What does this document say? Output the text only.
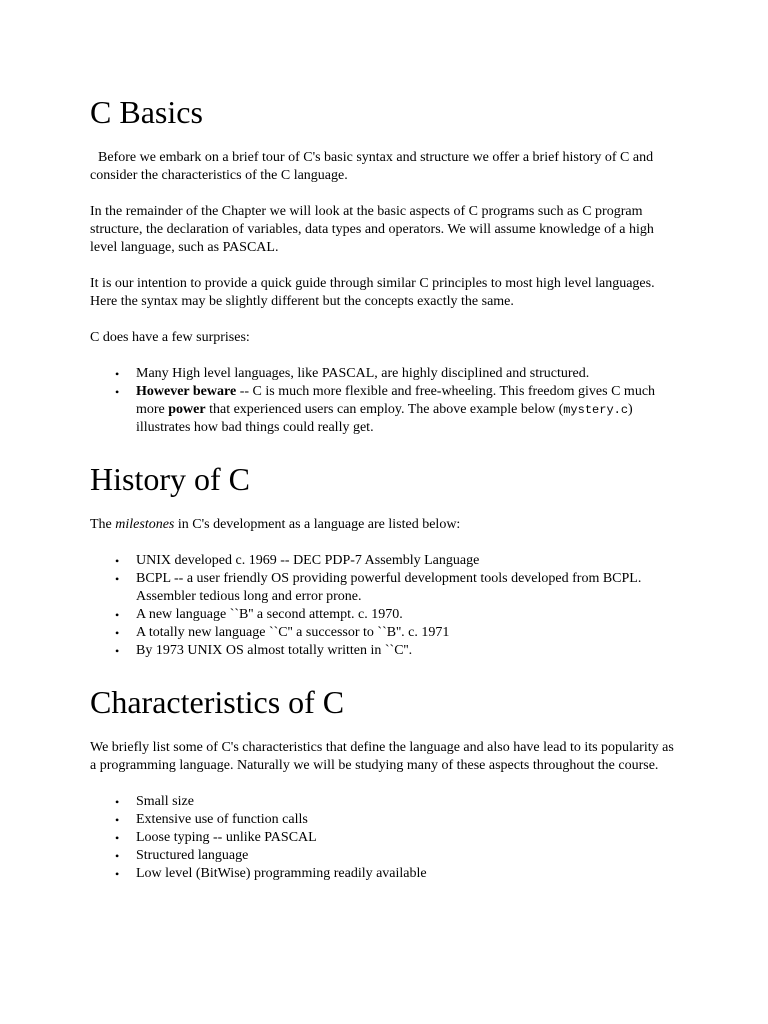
C Basics

Before we embark on a brief tour of C's basic syntax and structure we offer a brief history of C and consider the characteristics of the C language.

In the remainder of the Chapter we will look at the basic aspects of C programs such as C program structure, the declaration of variables, data types and operators. We will assume knowledge of a high level language, such as PASCAL.

It is our intention to provide a quick guide through similar C principles to most high level languages. Here the syntax may be slightly different but the concepts exactly the same.

C does have a few surprises:

• Many High level languages, like PASCAL, are highly disciplined and structured.
• However beware -- C is much more flexible and free-wheeling. This freedom gives C much more power that experienced users can employ. The above example below (mystery.c) illustrates how bad things could really get.
History of C

The milestones in C's development as a language are listed below:

• UNIX developed c. 1969 -- DEC PDP-7 Assembly Language
• BCPL -- a user friendly OS providing powerful development tools developed from BCPL. Assembler tedious long and error prone.
• A new language ``B'' a second attempt. c. 1970.
• A totally new language ``C'' a successor to ``B''. c. 1971
• By 1973 UNIX OS almost totally written in ``C''.
Characteristics of C

We briefly list some of C's characteristics that define the language and also have lead to its popularity as a programming language. Naturally we will be studying many of these aspects throughout the course.

• Small size
• Extensive use of function calls
• Loose typing -- unlike PASCAL
• Structured language
• Low level (BitWise) programming readily available
